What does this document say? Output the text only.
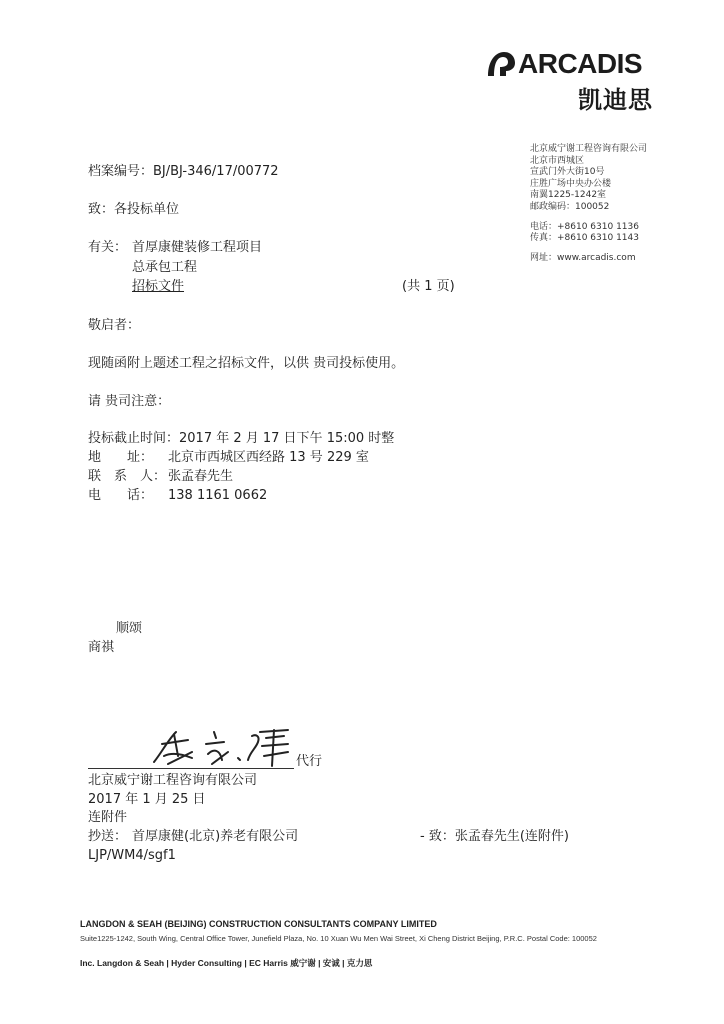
ARCADIS
凯迪思
北京威宁谢工程咨询有限公司
北京市西城区
宣武门外大街10号
庄胜广场中央办公楼
南翼1225-1242室
邮政编码：100052
电话：+8610 6310 1136
传真：+8610 6310 1143
网址：www.arcadis.com
档案编号：BJ/BJ-346/17/00772
致：各投标单位
有关： 首厚康健装修工程项目
总承包工程
招标文件	(共 1 页)
敬启者：
现随函附上题述工程之招标文件，以供 贵司投标使用。
请 贵司注意：
投标截止时间：2017 年 2 月 17 日下午 15:00 时整
地　　址： 北京市西城区西经路 13 号 229 室
联　系　人： 张孟春先生
电　　话： 138 1161 0662
顺颂
商祺
代行
北京威宁谢工程咨询有限公司
2017 年 1 月 25 日
连附件
抄送： 首厚康健(北京)养老有限公司	- 致：张孟春先生(连附件)
LJP/WM4/sgf1
LANGDON & SEAH (BEIJING) CONSTRUCTION CONSULTANTS COMPANY LIMITED
Suite1225-1242, South Wing, Central Office Tower, Junefield Plaza, No. 10 Xuan Wu Men Wai Street, Xi Cheng District Beijing, P.R.C. Postal Code: 100052
Inc. Langdon & Seah | Hyder Consulting | EC Harris 威宁谢 | 安诚 | 克力思
